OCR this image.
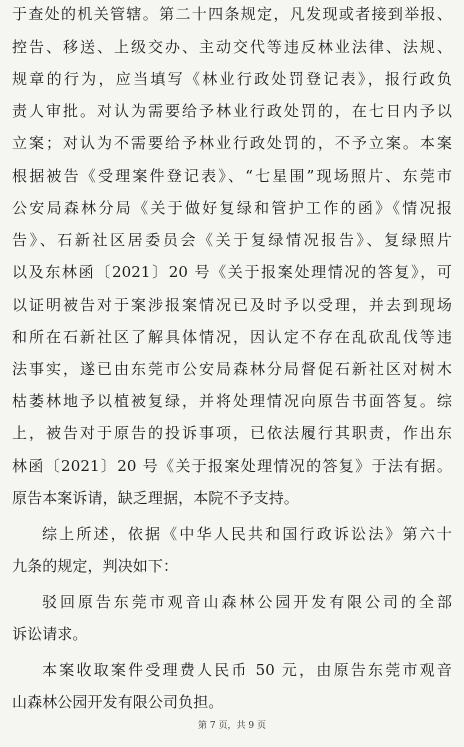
于查处的机关管辖。第二十四条规定，凡发现或者接到举报、
控告、移送、上级交办、主动交代等违反林业法律、法规、
规章的行为，应当填写《林业行政处罚登记表》，报行政负
责人审批。对认为需要给予林业行政处罚的，在七日内予以
立案；对认为不需要给予林业行政处罚的，不予立案。本案
根据被告《受理案件登记表》、“七星围”现场照片、东莞市
公安局森林分局《关于做好复绿和管护工作的函》《情况报
告》、石新社区居委员会《关于复绿情况报告》、复绿照片
以及东林函〔2021〕20 号《关于报案处理情况的答复》，可
以证明被告对于案涉报案情况已及时予以受理，并去到现场
和所在石新社区了解具体情况，因认定不存在乱砍乱伐等违
法事实，遂已由东莞市公安局森林分局督促石新社区对树木
枯萎林地予以植被复绿，并将处理情况向原告书面答复。综
上，被告对于原告的投诉事项，已依法履行其职责，作出东
林函〔2021〕20 号《关于报案处理情况的答复》于法有据。
原告本案诉请，缺乏理据，本院不予支持。
综上所述，依据《中华人民共和国行政诉讼法》第六十
九条的规定，判决如下：
驳回原告东莞市观音山森林公园开发有限公司的全部
诉讼请求。
本案收取案件受理费人民币 50 元，由原告东莞市观音
山森林公园开发有限公司负担。
第 7 页，共 9 页
